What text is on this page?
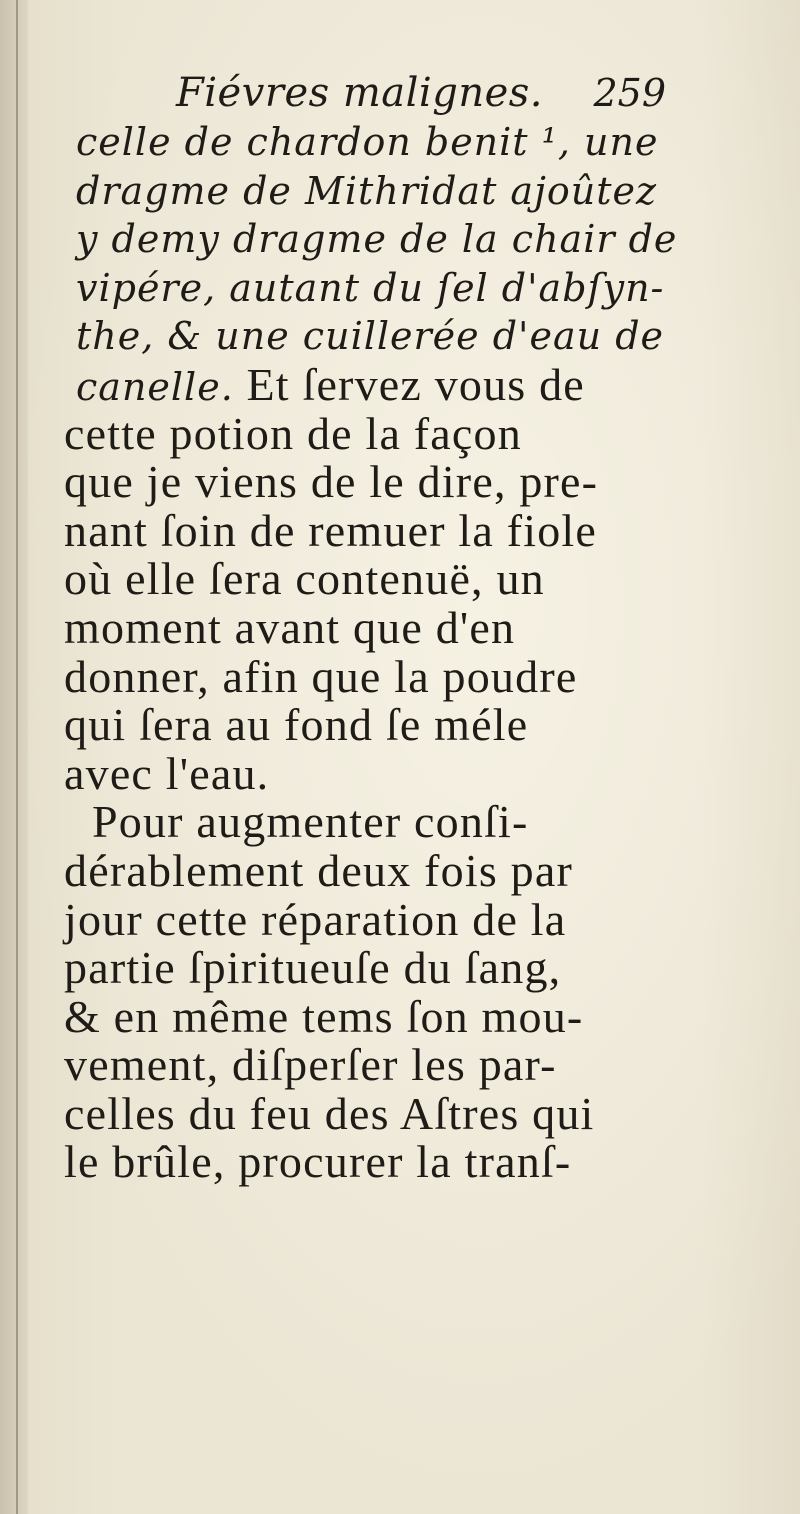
Fiévres malignes. 259
celle de chardon benit ¹, une
dragme de Mithridat ajoûtez
y demy dragme de la chair de
vipére, autant du ſel d'abſyn-
the, & une cuillerée d'eau de
canelle. Et ſervez vous de
cette potion de la façon
que je viens de le dire, pre-
nant ſoin de remuer la fiole
où elle ſera contenuë, un
moment avant que d'en
donner, afin que la poudre
qui ſera au fond ſe méle
avec l'eau.
Pour augmenter conſi-
dérablement deux fois par
jour cette réparation de la
partie ſpiritueuſe du ſang,
& en même tems ſon mou-
vement, diſperſer les par-
celles du feu des Aſtres qui
le brûle, procurer la tranſ-
